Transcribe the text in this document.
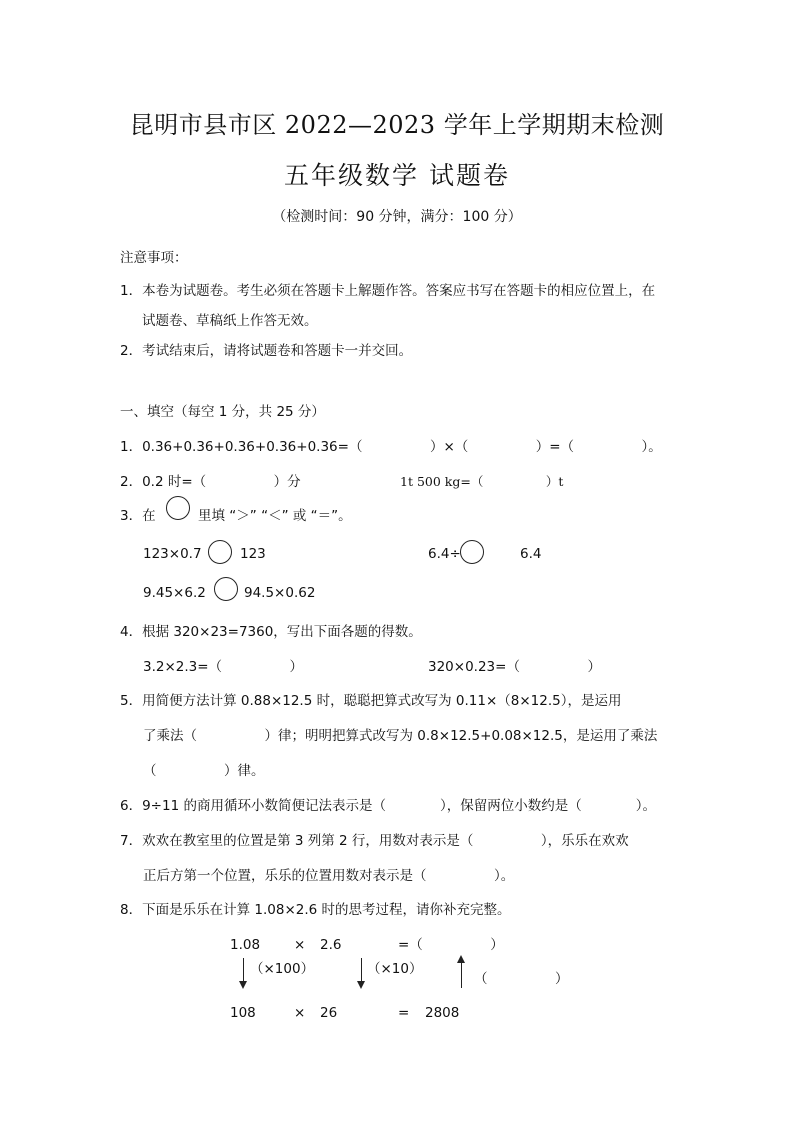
昆明市县市区 2022—2023 学年上学期期末检测
五年级数学 试题卷
（检测时间：90 分钟，满分：100 分）
注意事项：
1．本卷为试题卷。考生必须在答题卡上解题作答。答案应书写在答题卡的相应位置上，在
试题卷、草稿纸上作答无效。
2．考试结束后，请将试题卷和答题卡一并交回。
一、填空（每空 1 分，共 25 分）
1．0.36+0.36+0.36+0.36+0.36=（　　　　　）×（　　　　　）=（　　　　　）。
2．0.2 时=（　　　　　）分	1t 500 kg=（　　　　　）t
3．在	里填 “＞” “＜” 或 “＝”。
123×0.7	123	6.4÷	6.4
9.45×6.2	94.5×0.62
4．根据 320×23=7360，写出下面各题的得数。
3.2×2.3=（　　　　　）	320×0.23=（　　　　　）
5．用简便方法计算 0.88×12.5 时，聪聪把算式改写为 0.11×（8×12.5），是运用
了乘法（　　　　　）律；明明把算式改写为 0.8×12.5+0.08×12.5，是运用了乘法
（　　　　　）律。
6．9÷11 的商用循环小数简便记法表示是（　　　　），保留两位小数约是（　　　　）。
7．欢欢在教室里的位置是第 3 列第 2 行，用数对表示是（　　　　　），乐乐在欢欢
正后方第一个位置，乐乐的位置用数对表示是（　　　　　）。
8．下面是乐乐在计算 1.08×2.6 时的思考过程，请你补充完整。
1.08	× 2.6	=（　　　　　）
（×100）	（×10）
（　　　　　）
108	× 26	= 2808
